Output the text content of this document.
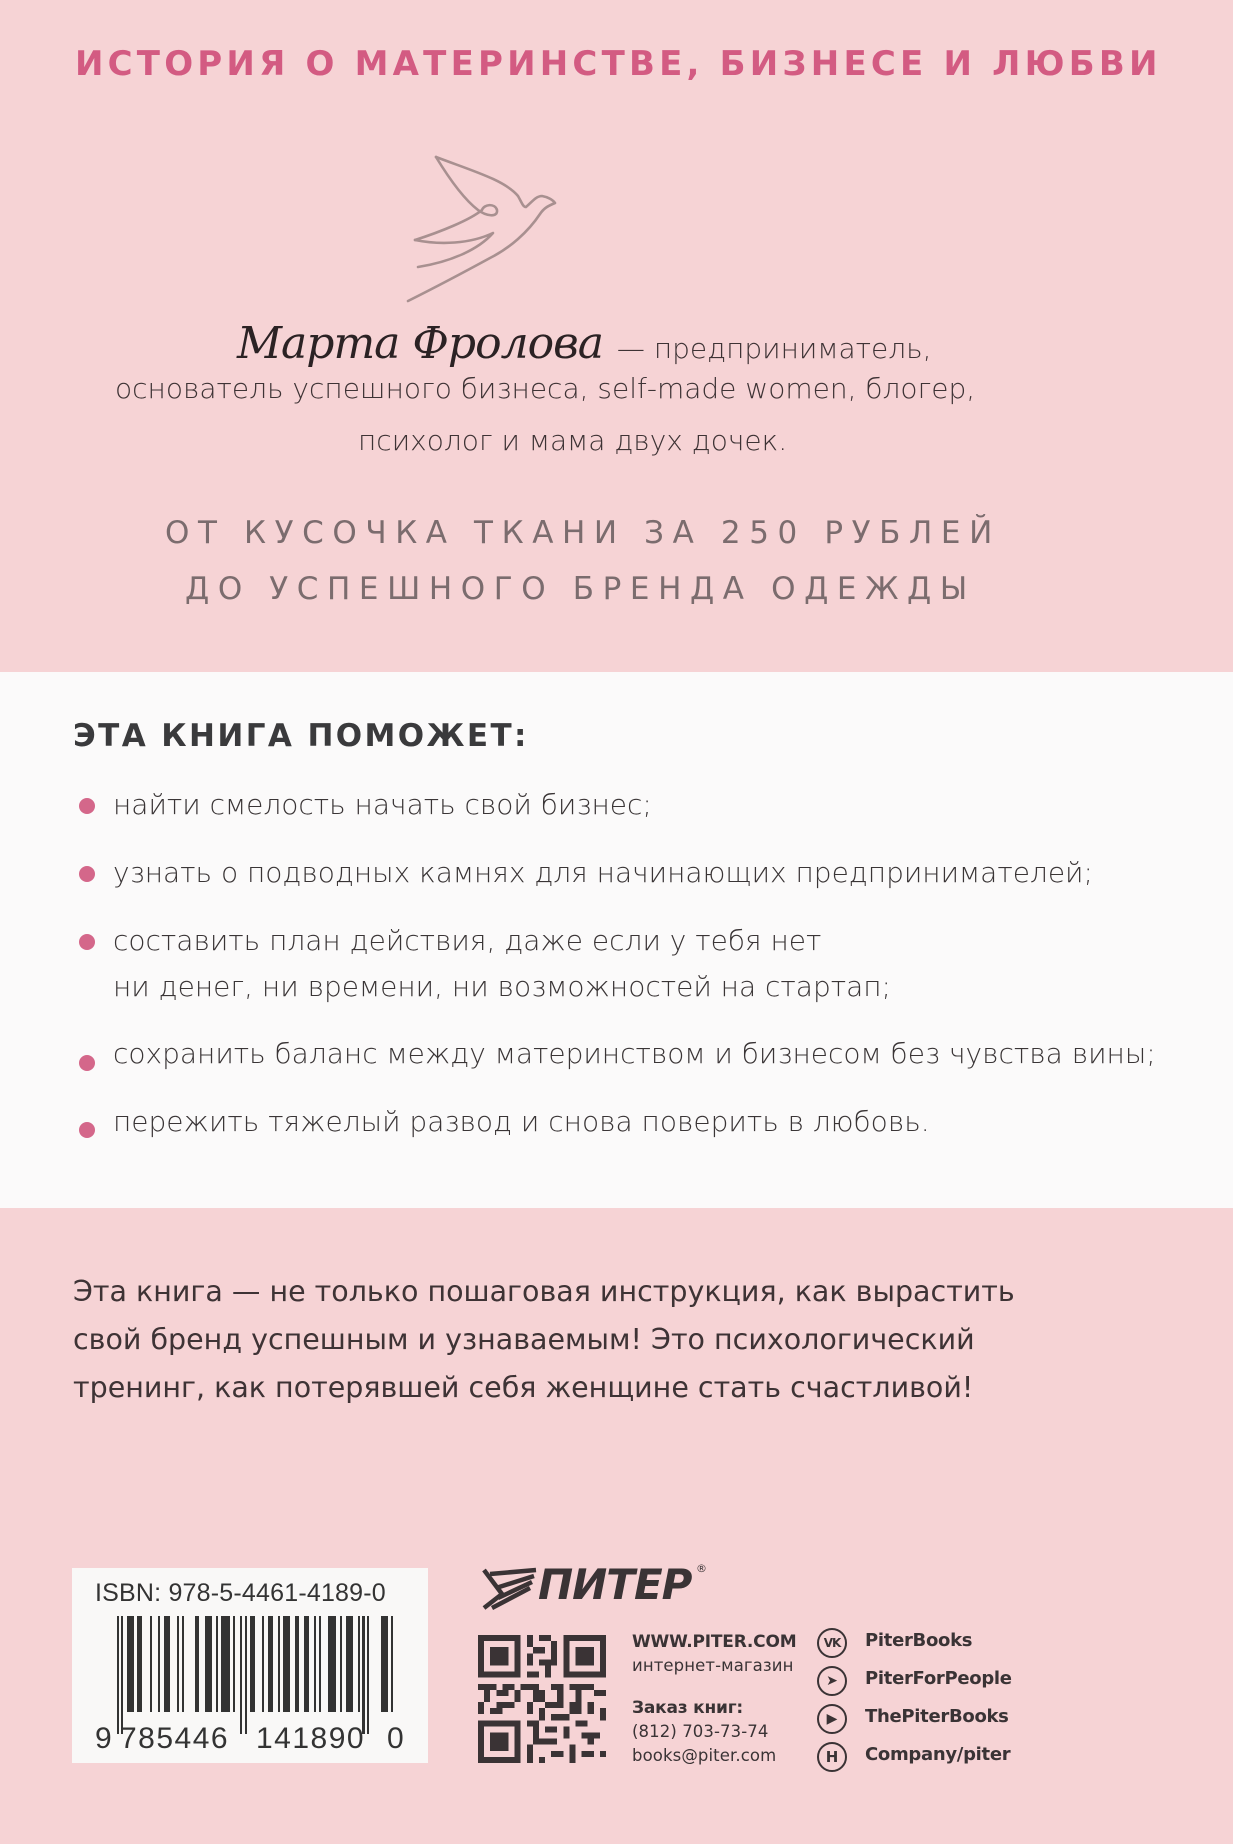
ИСТОРИЯ О МАТЕРИНСТВЕ, БИЗНЕСЕ И ЛЮБВИ
Марта Фролова — предприниматель,
основатель успешного бизнеса, self-made women, блогер,
психолог и мама двух дочек.
ОТ КУСОЧКА ТКАНИ ЗА 250 РУБЛЕЙ
ДО УСПЕШНОГО БРЕНДА ОДЕЖДЫ
ЭТА КНИГА ПОМОЖЕТ:
найти смелость начать свой бизнес;
узнать о подводных камнях для начинающих предпринимателей;
составить план действия, даже если у тебя нет
ни денег, ни времени, ни возможностей на стартап;
сохранить баланс между материнством и бизнесом без чувства вины;
пережить тяжелый развод и снова поверить в любовь.
Эта книга — не только пошаговая инструкция, как вырастить
свой бренд успешным и узнаваемым! Это психологический
тренинг, как потерявшей себя женщине стать счастливой!
ISBN: 978-5-4461-4189-0
9 785446 141890 0
ПИТЕР ®
WWW.PITER.COM
интернет-магазин
Заказ книг:
(812) 703-73-74
books@piter.com
VK	PiterBooks
➤	PiterForPeople
▶	ThePiterBooks
H	Company/piter
